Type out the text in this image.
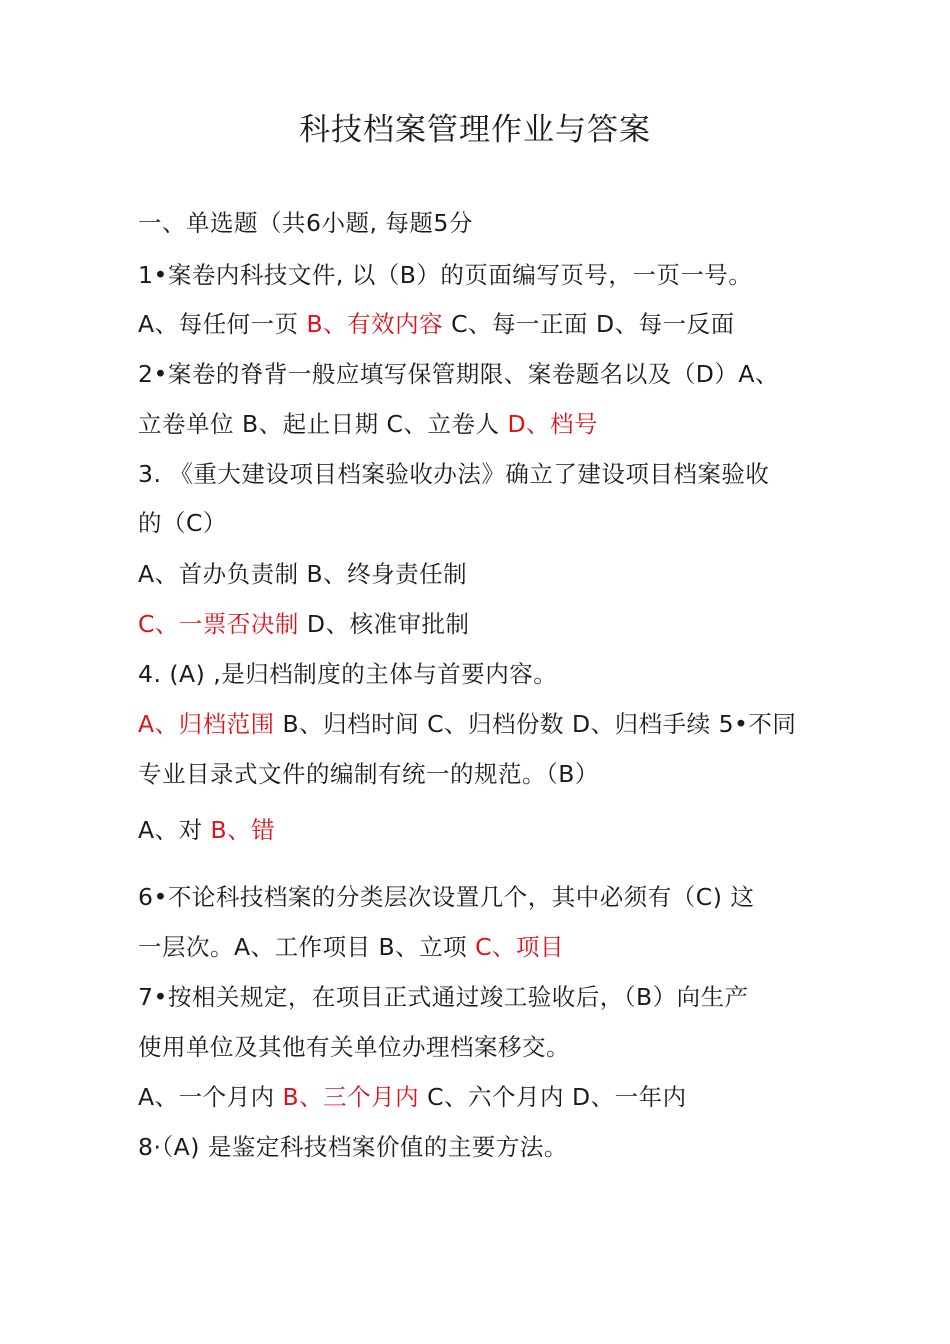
科技档案管理作业与答案
一、单选题（共6小题, 每题5分
1•案卷内科技文件, 以（B）的页面编写页号，一页一号。
A、每任何一页 B、有效内容 C、每一正面 D、每一反面
2•案卷的脊背一般应填写保管期限、案卷题名以及（D）A、
立卷单位 B、起止日期 C、立卷人 D、档号
3. 《重大建设项目档案验收办法》确立了建设项目档案验收
的（C）
A、首办负责制 B、终身责任制
C、一票否决制 D、核准审批制
4. (A) ,是归档制度的主体与首要内容。
A、归档范围 B、归档时间 C、归档份数 D、归档手续 5•不同
专业目录式文件的编制有统一的规范。（B）
A、对 B、错
6•不论科技档案的分类层次设置几个，其中必须有（C) 这
一层次。A、工作项目 B、立项 C、项目
7•按相关规定，在项目正式通过竣工验收后，（B）向生产
使用单位及其他有关单位办理档案移交。
A、一个月内 B、三个月内 C、六个月内 D、一年内
8·（A) 是鉴定科技档案价值的主要方法。
